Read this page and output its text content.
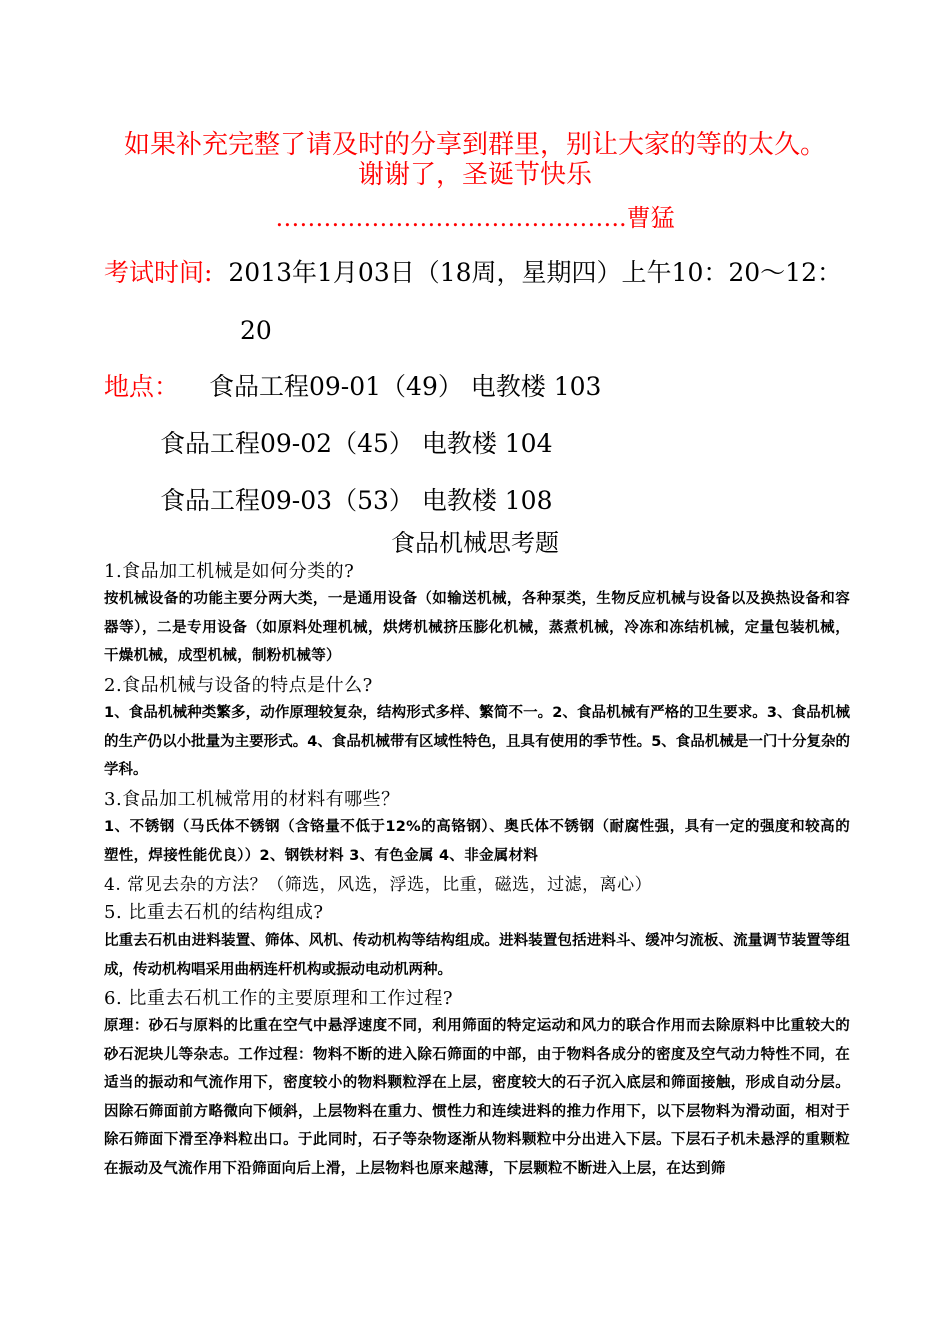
如果补充完整了请及时的分享到群里，别让大家的等的太久。
谢谢了，圣诞节快乐
……………………………………..曹猛
考试时间: 2013年1月03日（18周，星期四）上午10：20～12：
20
地点： 食品工程09-01（49） 电教楼 103
食品工程09-02（45） 电教楼 104
食品工程09-03（53） 电教楼 108
食品机械思考题
1.食品加工机械是如何分类的?
按机械设备的功能主要分两大类，一是通用设备（如输送机械，各种泵类，生物反应机械与设备以及换热设备和容器等），二是专用设备（如原料处理机械，烘烤机械挤压膨化机械，蒸煮机械，冷冻和冻结机械，定量包装机械，干燥机械，成型机械，制粉机械等）
2.食品机械与设备的特点是什么?
1、食品机械种类繁多，动作原理较复杂，结构形式多样、繁简不一。2、食品机械有严格的卫生要求。3、食品机械的生产仍以小批量为主要形式。4、食品机械带有区域性特色，且具有使用的季节性。5、食品机械是一门十分复杂的学科。
3.食品加工机械常用的材料有哪些？
1、不锈钢（马氏体不锈钢（含铬量不低于12%的高铬钢）、奥氏体不锈钢（耐腐性强，具有一定的强度和较高的塑性，焊接性能优良））2、钢铁材料 3、有色金属 4、非金属材料
4. 常见去杂的方法？（筛选，风选，浮选，比重，磁选，过滤，离心）
5. 比重去石机的结构组成?
比重去石机由进料装置、筛体、风机、传动机构等结构组成。进料装置包括进料斗、缓冲匀流板、流量调节装置等组成，传动机构唱采用曲柄连杆机构或振动电动机两种。
6. 比重去石机工作的主要原理和工作过程?
原理：砂石与原料的比重在空气中悬浮速度不同，利用筛面的特定运动和风力的联合作用而去除原料中比重较大的砂石泥块儿等杂志。工作过程：物料不断的进入除石筛面的中部，由于物料各成分的密度及空气动力特性不同，在适当的振动和气流作用下，密度较小的物料颗粒浮在上层，密度较大的石子沉入底层和筛面接触，形成自动分层。因除石筛面前方略微向下倾斜，上层物料在重力、惯性力和连续进料的推力作用下，以下层物料为滑动面，相对于除石筛面下滑至净料粒出口。于此同时，石子等杂物逐渐从物料颗粒中分出进入下层。下层石子机未悬浮的重颗粒在振动及气流作用下沿筛面向后上滑，上层物料也原来越薄，下层颗粒不断进入上层，在达到筛
